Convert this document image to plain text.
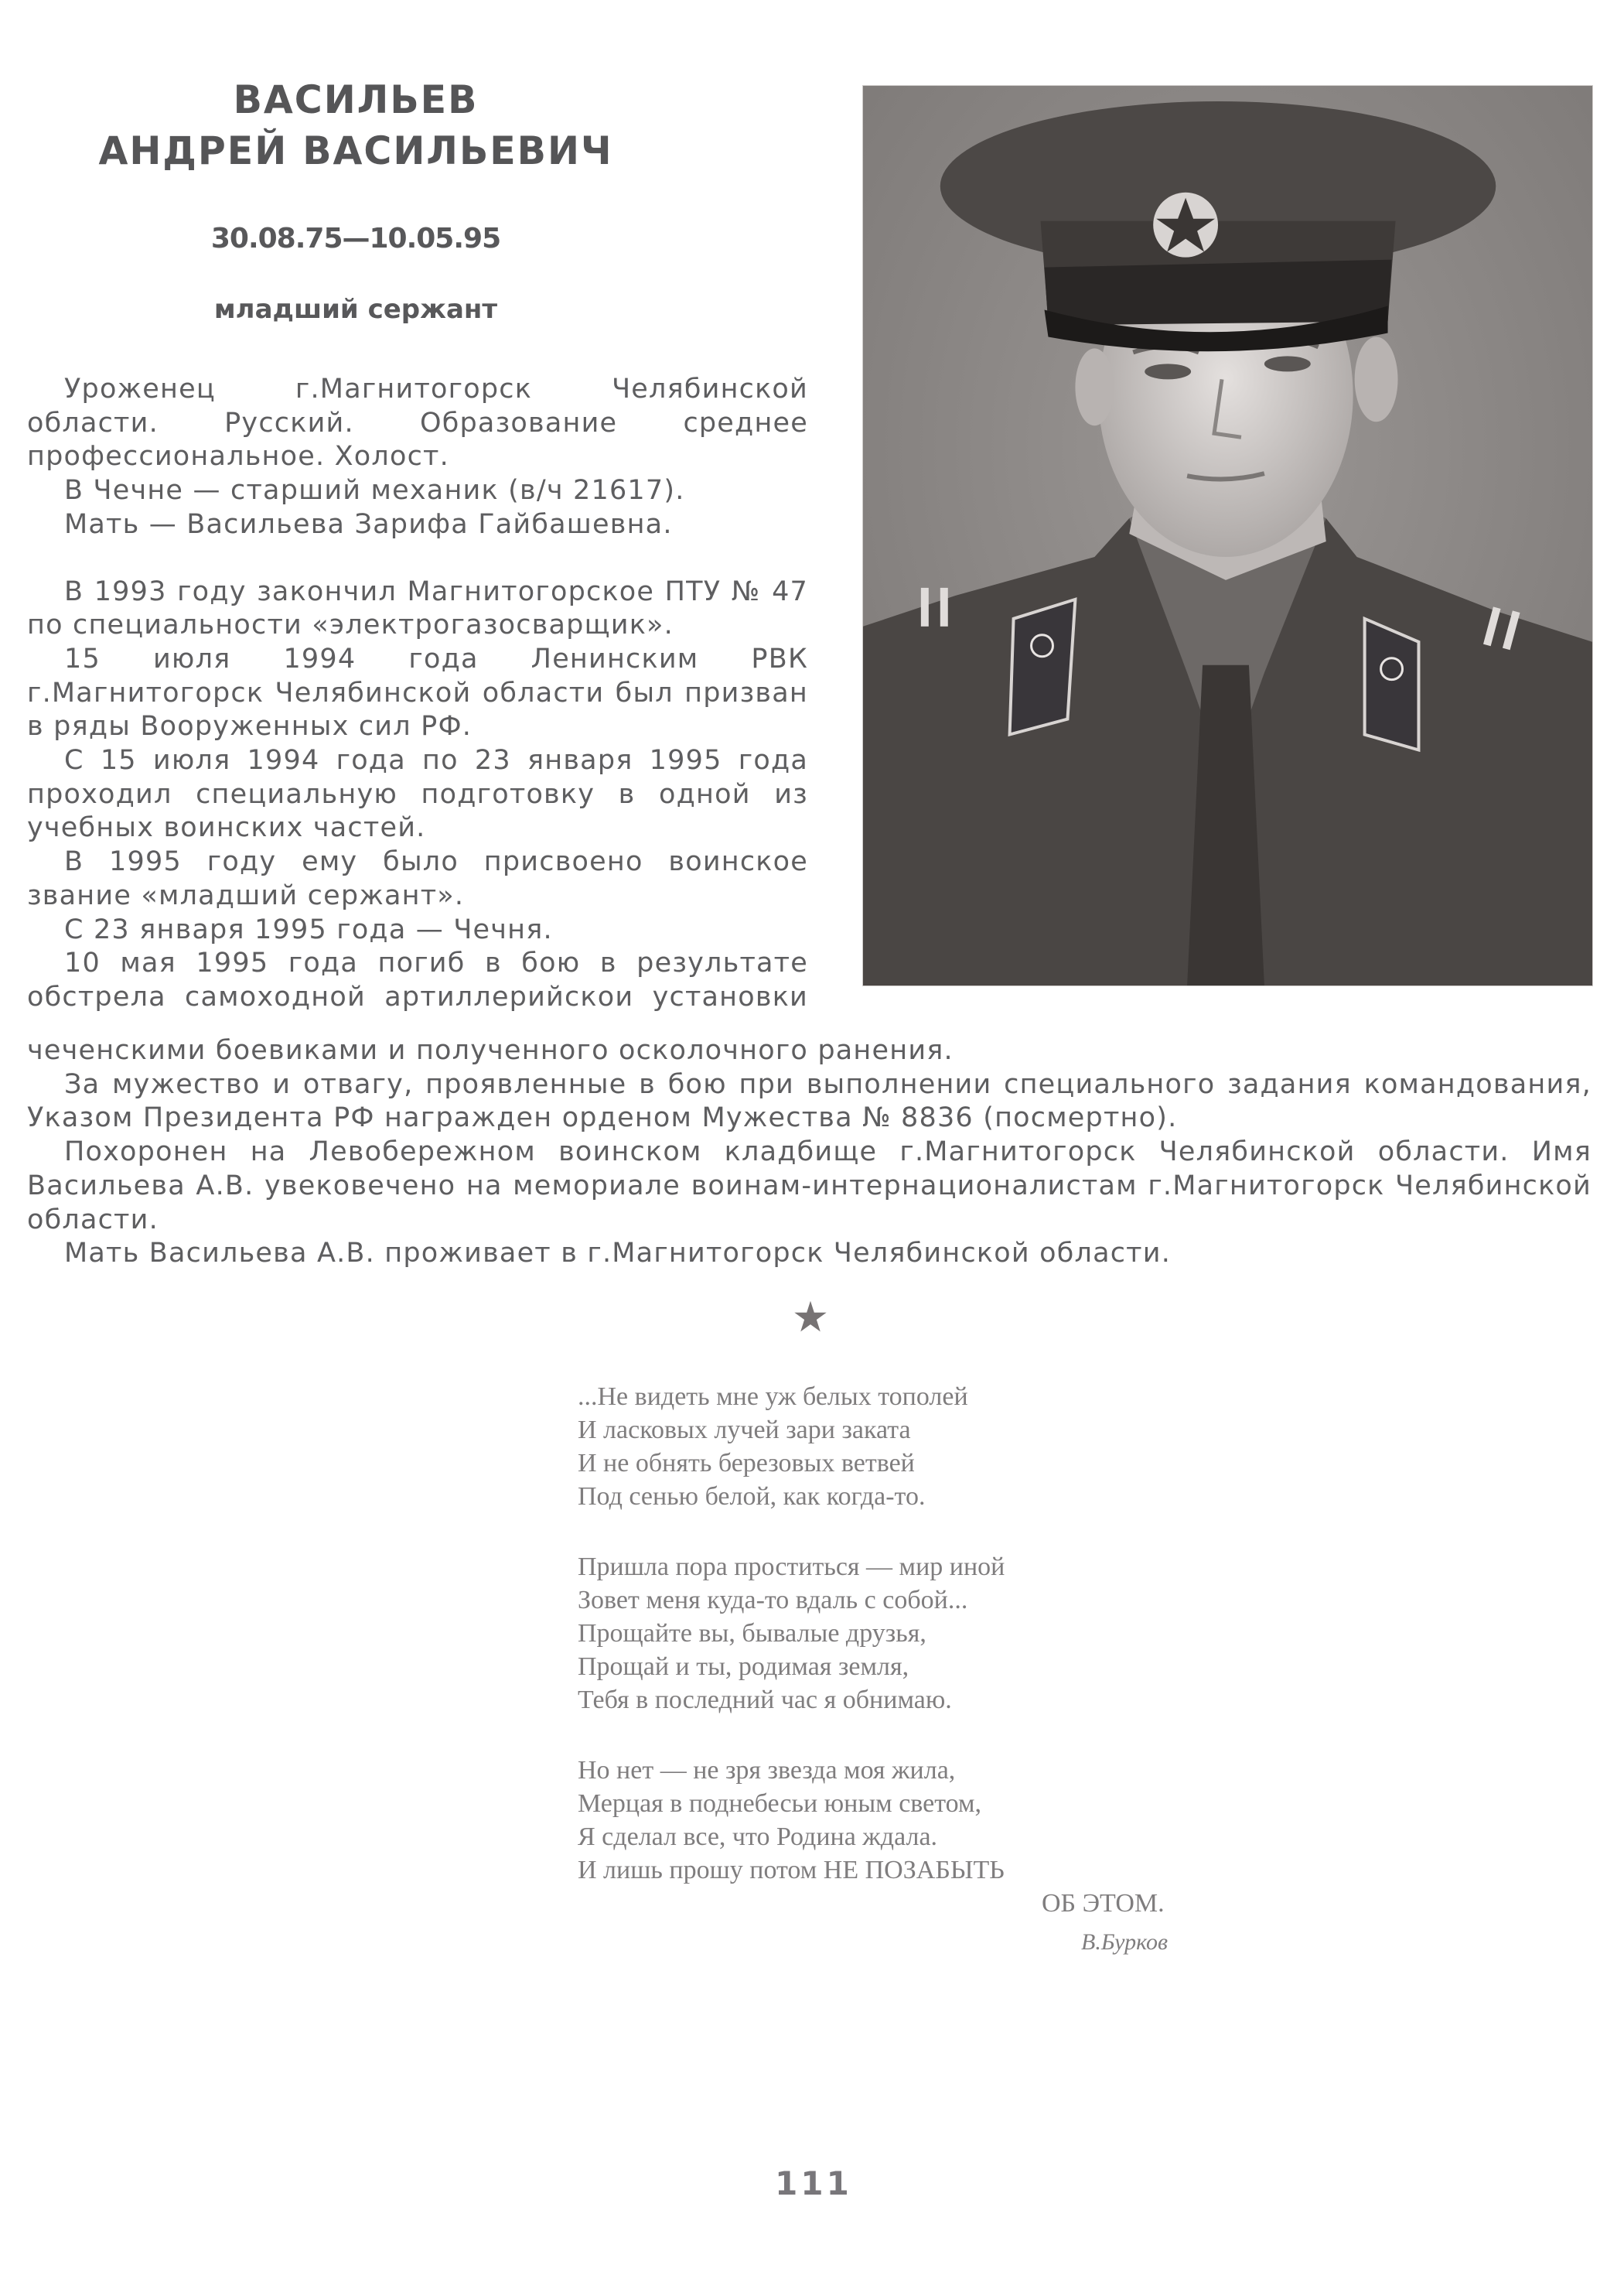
ВАСИЛЬЕВ
АНДРЕЙ ВАСИЛЬЕВИЧ
30.08.75—10.05.95
младший сержант

Уроженец г.Магнитогорск Челябинской области. Русский. Образование среднее профессиональное. Холост.

В Чечне — старший механик (в/ч 21617).

Мать — Васильева Зарифа Гайбашевна.

В 1993 году закончил Магнитогорское ПТУ № 47 по специальности «электрогазосварщик».

15 июля 1994 года Ленинским РВК г.Магнитогорск Челябинской области был призван в ряды Вооруженных сил РФ.

С 15 июля 1994 года по 23 января 1995 года проходил специальную подготовку в одной из учебных воинских частей.

В 1995 году ему было присвоено воинское звание «младший сержант».

С 23 января 1995 года — Чечня.

10 мая 1995 года погиб в бою в результате обстрела самоходной артиллерийскои установки

чеченскими боевиками и полученного осколочного ранения.

За мужество и отвагу, проявленные в бою при выполнении специального задания командования, Указом Президента РФ награжден орденом Мужества № 8836 (посмертно).

Похоронен на Левобережном воинском кладбище г.Магнитогорск Челябинской области. Имя Васильева А.В. увековечено на мемориале воинам-интернационалистам г.Магнитогорск Челябинской области.

Мать Васильева А.В. проживает в г.Магнитогорск Челябинской области.

...Не видеть мне уж белых тополей
И ласковых лучей зари заката
И не обнять березовых ветвей
Под сенью белой, как когда-то.
Пришла пора проститься — мир иной
Зовет меня куда-то вдаль с собой...
Прощайте вы, бывалые друзья,
Прощай и ты, родимая земля,
Тебя в последний час я обнимаю.
Но нет — не зря звезда моя жила,
Мерцая в поднебесьи юным светом,
Я сделал все, что Родина ждала.
И лишь прошу потом НЕ ПОЗАБЫТЬ
ОБ ЭТОМ.
В.Бурков
111
